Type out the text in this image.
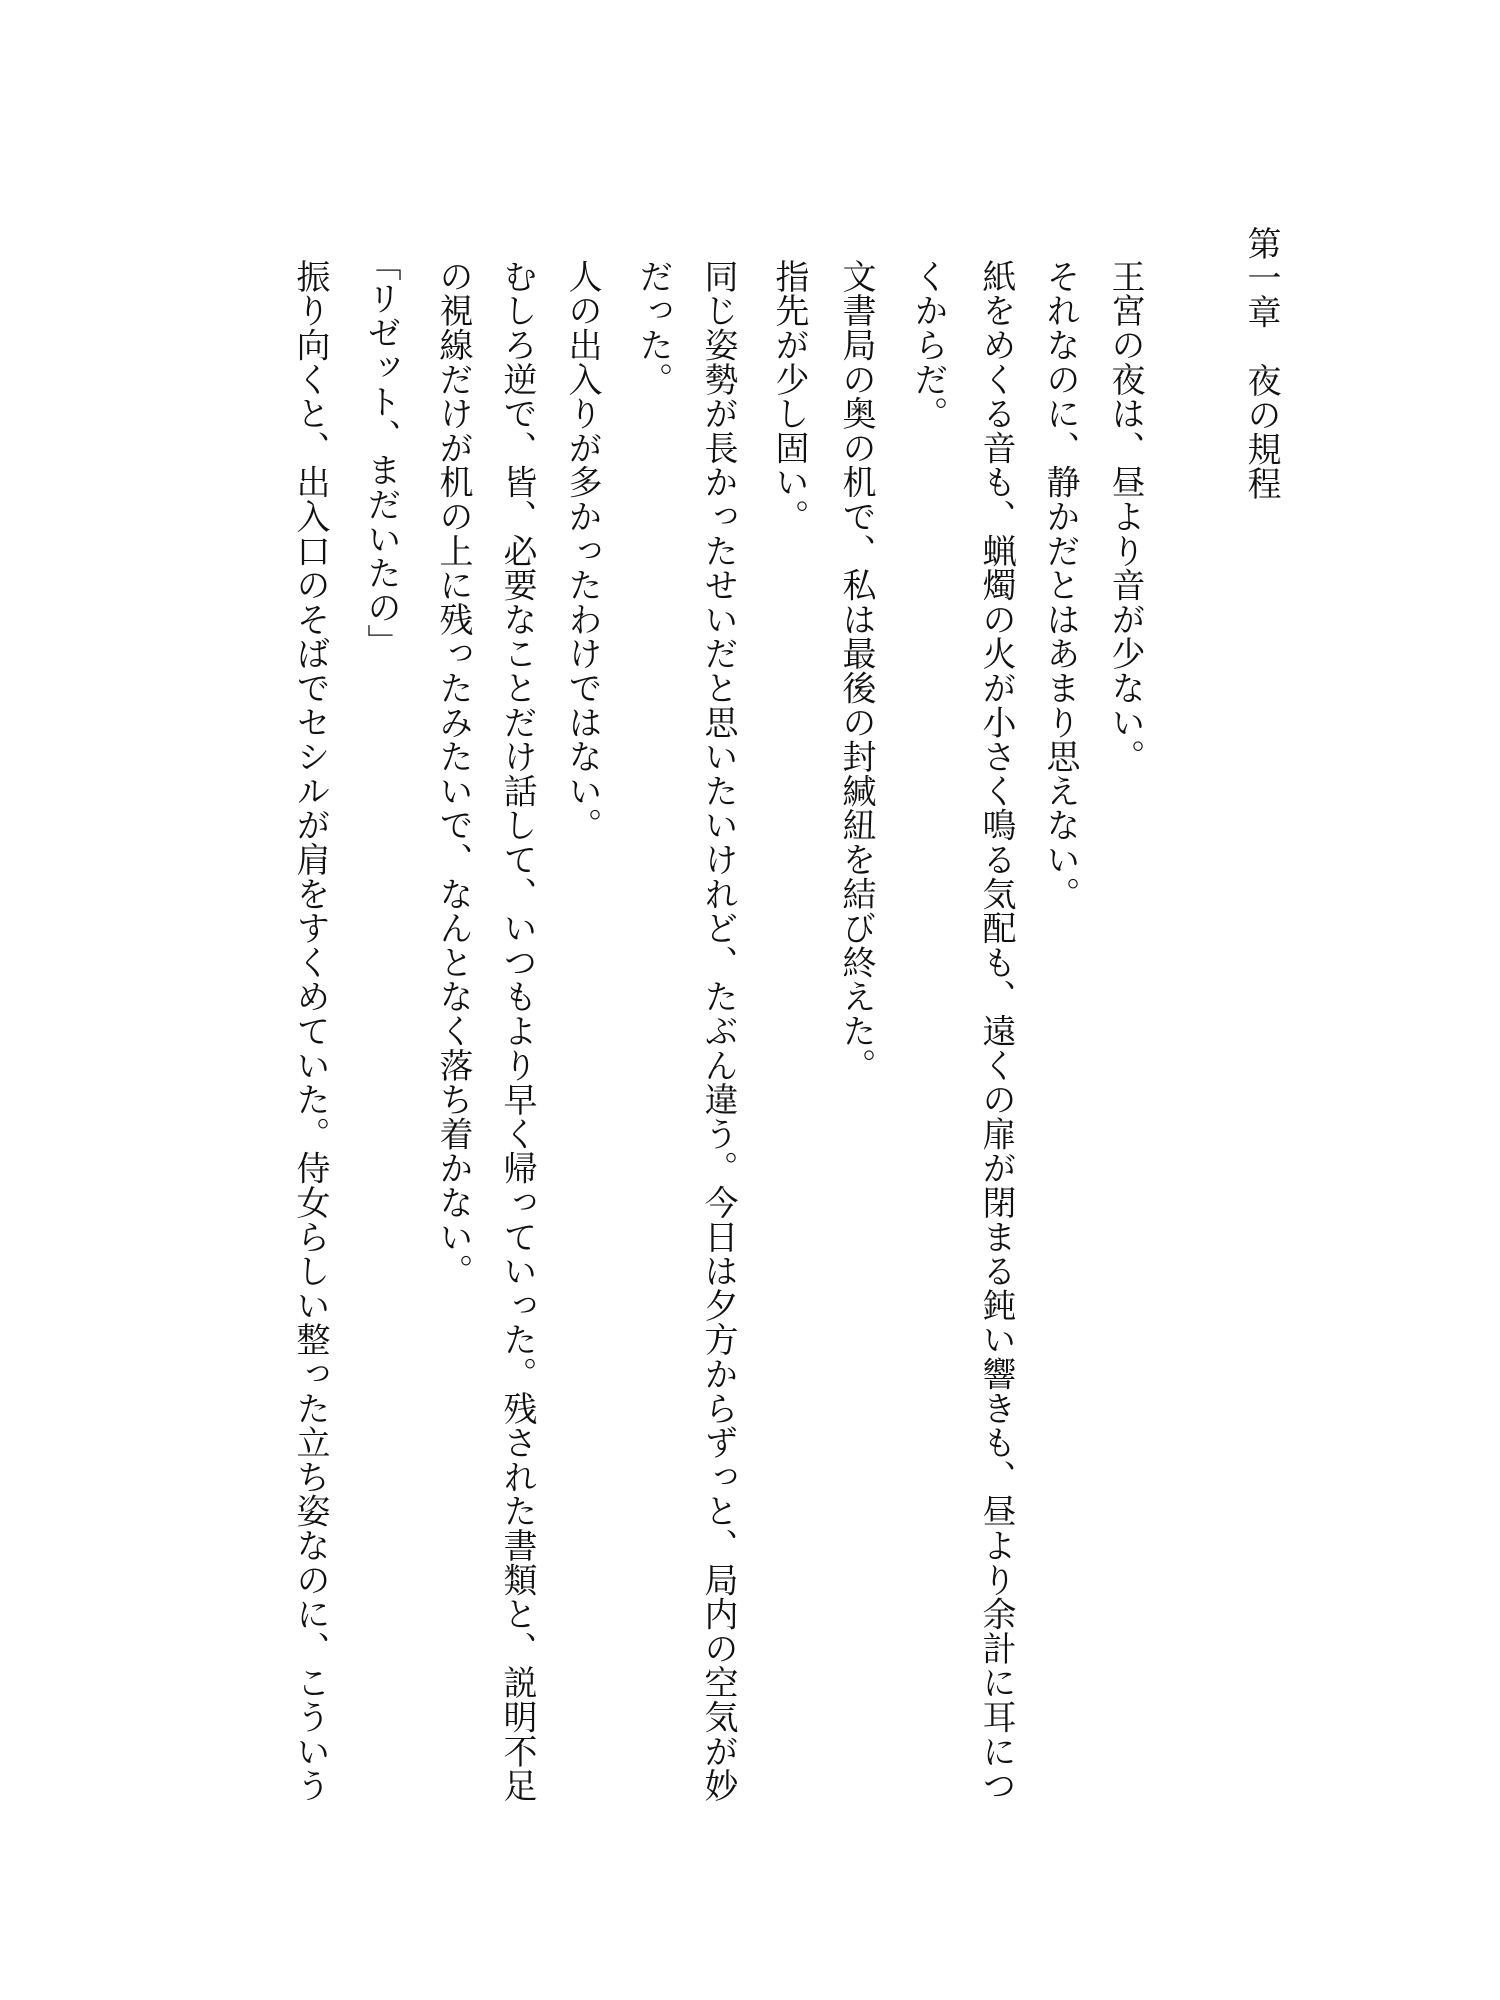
第一章　夜の規程
王宮の夜は、昼より音が少ない。
それなのに、静かだとはあまり思えない。
紙をめくる音も、蝋燭の火が小さく鳴る気配も、遠くの扉が閉まる鈍い響きも、昼より余計に耳につ
くからだ。
文書局の奥の机で、私は最後の封緘紐を結び終えた。
指先が少し固い。
同じ姿勢が長かったせいだと思いたいけれど、たぶん違う。今日は夕方からずっと、局内の空気が妙
だった。
人の出入りが多かったわけではない。
むしろ逆で、皆、必要なことだけ話して、いつもより早く帰っていった。残された書類と、説明不足
の視線だけが机の上に残ったみたいで、なんとなく落ち着かない。
「リゼット、まだいたの」
振り向くと、出入口のそばでセシルが肩をすくめていた。侍女らしい整った立ち姿なのに、こういう
